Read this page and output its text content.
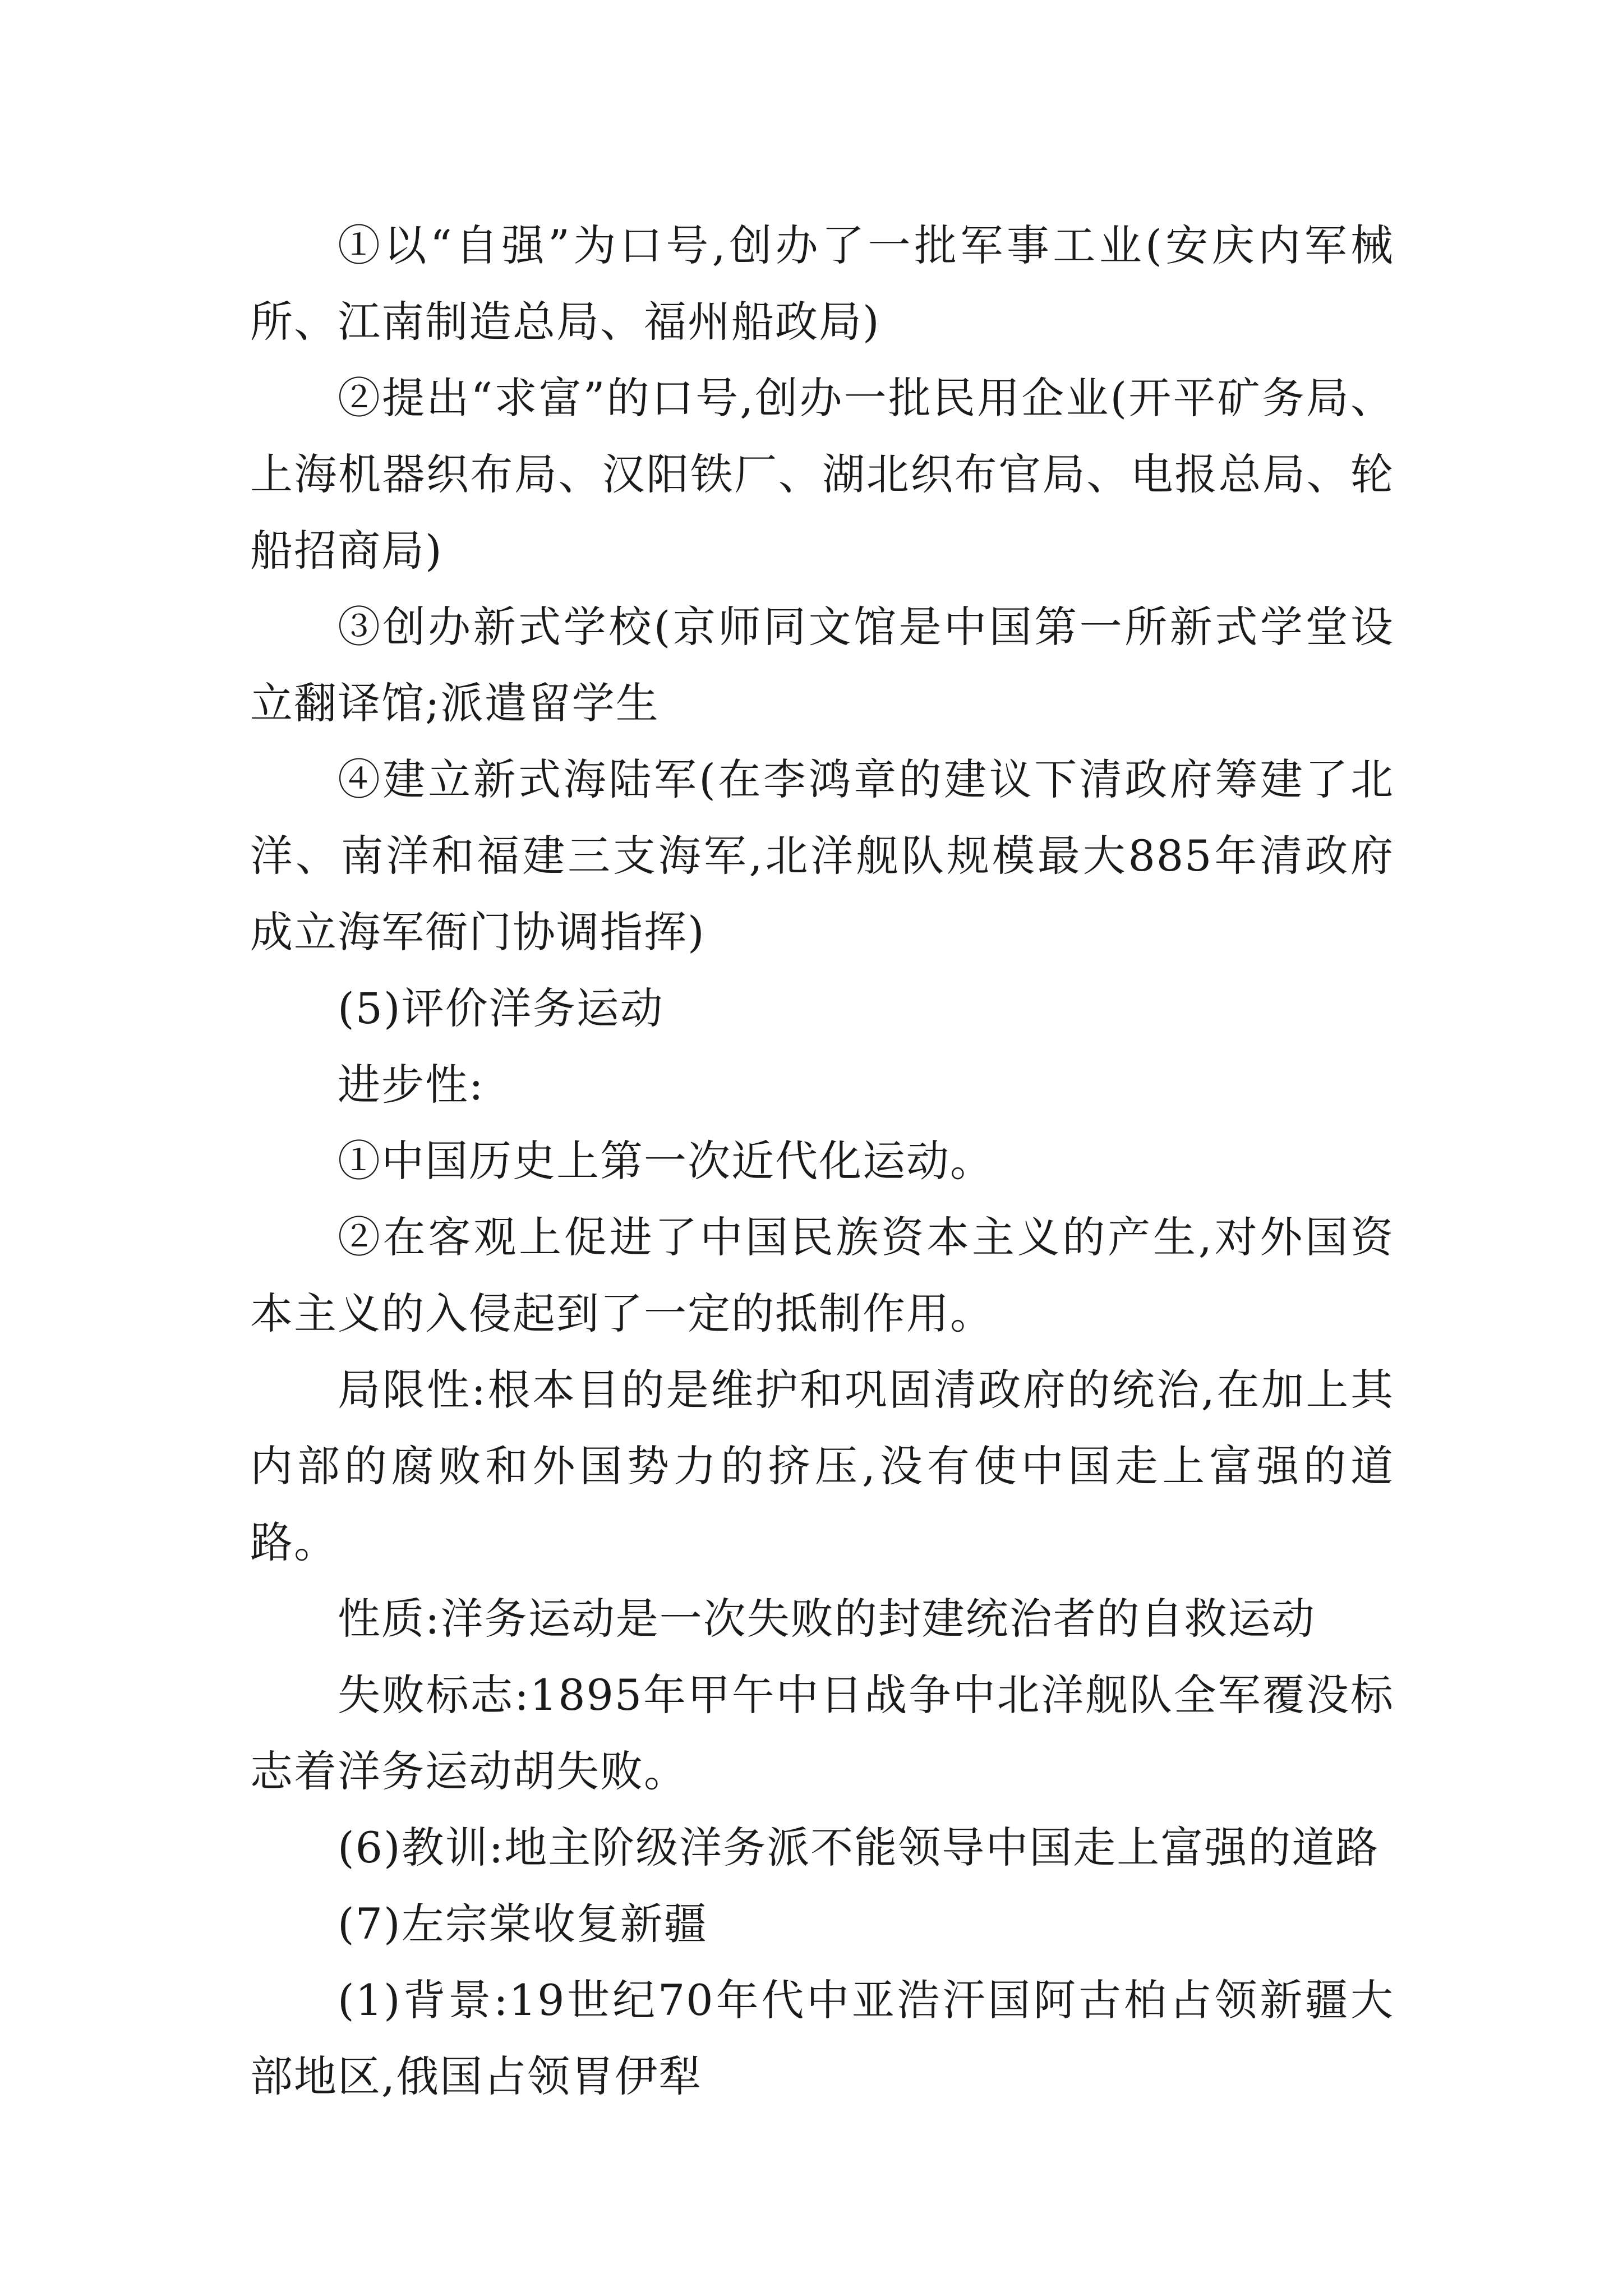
①以“自强”为口号,创办了一批军事工业(安庆内军械所、江南制造总局、福州船政局)

②提出“求富”的口号,创办一批民用企业(开平矿务局、上海机器织布局、汉阳铁厂、湖北织布官局、电报总局、轮船招商局)

③创办新式学校(京师同文馆是中国第一所新式学堂设立翻译馆;派遣留学生

④建立新式海陆军(在李鸿章的建议下清政府筹建了北洋、南洋和福建三支海军,北洋舰队规模最大885年清政府成立海军衙门协调指挥)

(5)评价洋务运动

进步性:

①中国历史上第一次近代化运动。

②在客观上促进了中国民族资本主义的产生,对外国资本主义的入侵起到了一定的抵制作用。

局限性:根本目的是维护和巩固清政府的统治,在加上其内部的腐败和外国势力的挤压,没有使中国走上富强的道路。

性质:洋务运动是一次失败的封建统治者的自救运动

失败标志:1895年甲午中日战争中北洋舰队全军覆没标志着洋务运动胡失败。

(6)教训:地主阶级洋务派不能领导中国走上富强的道路

(7)左宗棠收复新疆

(1)背景:19世纪70年代中亚浩汗国阿古柏占领新疆大部地区,俄国占领胃伊犁
